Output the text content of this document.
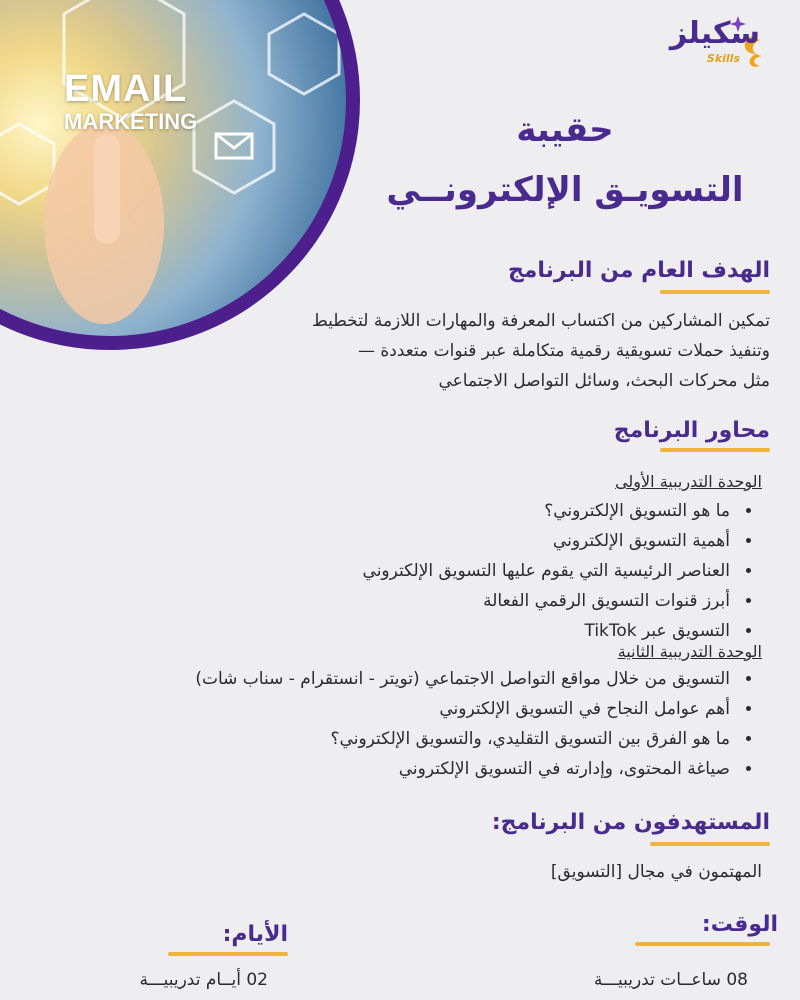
EMAIL
MARKETING
سكيلز
Skills
حقيبة
التسويـق الإلكترونــي
الهدف العام من البرنامج
تمكين المشاركين من اكتساب المعرفة والمهارات اللازمة لتخطيط
وتنفيذ حملات تسويقية رقمية متكاملة عبر قنوات متعددة —
مثل محركات البحث، وسائل التواصل الاجتماعي
محاور البرنامج
الوحدة التدريبية الأولى
• ما هو التسويق الإلكتروني؟
• أهمية التسويق الإلكتروني
• العناصر الرئيسية التي يقوم عليها التسويق الإلكتروني
• أبرز قنوات التسويق الرقمي الفعالة
• التسويق عبر TikTok
الوحدة التدريبية الثانية
• التسويق من خلال مواقع التواصل الاجتماعي (تويتر - انستقرام - سناب شات)
• أهم عوامل النجاح في التسويق الإلكتروني
• ما هو الفرق بين التسويق التقليدي، والتسويق الإلكتروني؟
• صياغة المحتوى، وإدارته في التسويق الإلكتروني
المستهدفون من البرنامج:
المهتمون في مجال [التسويق]
الوقت:
08 ساعــات تدريبيـــة
الأيام:
02 أيــام تدريبيـــة
